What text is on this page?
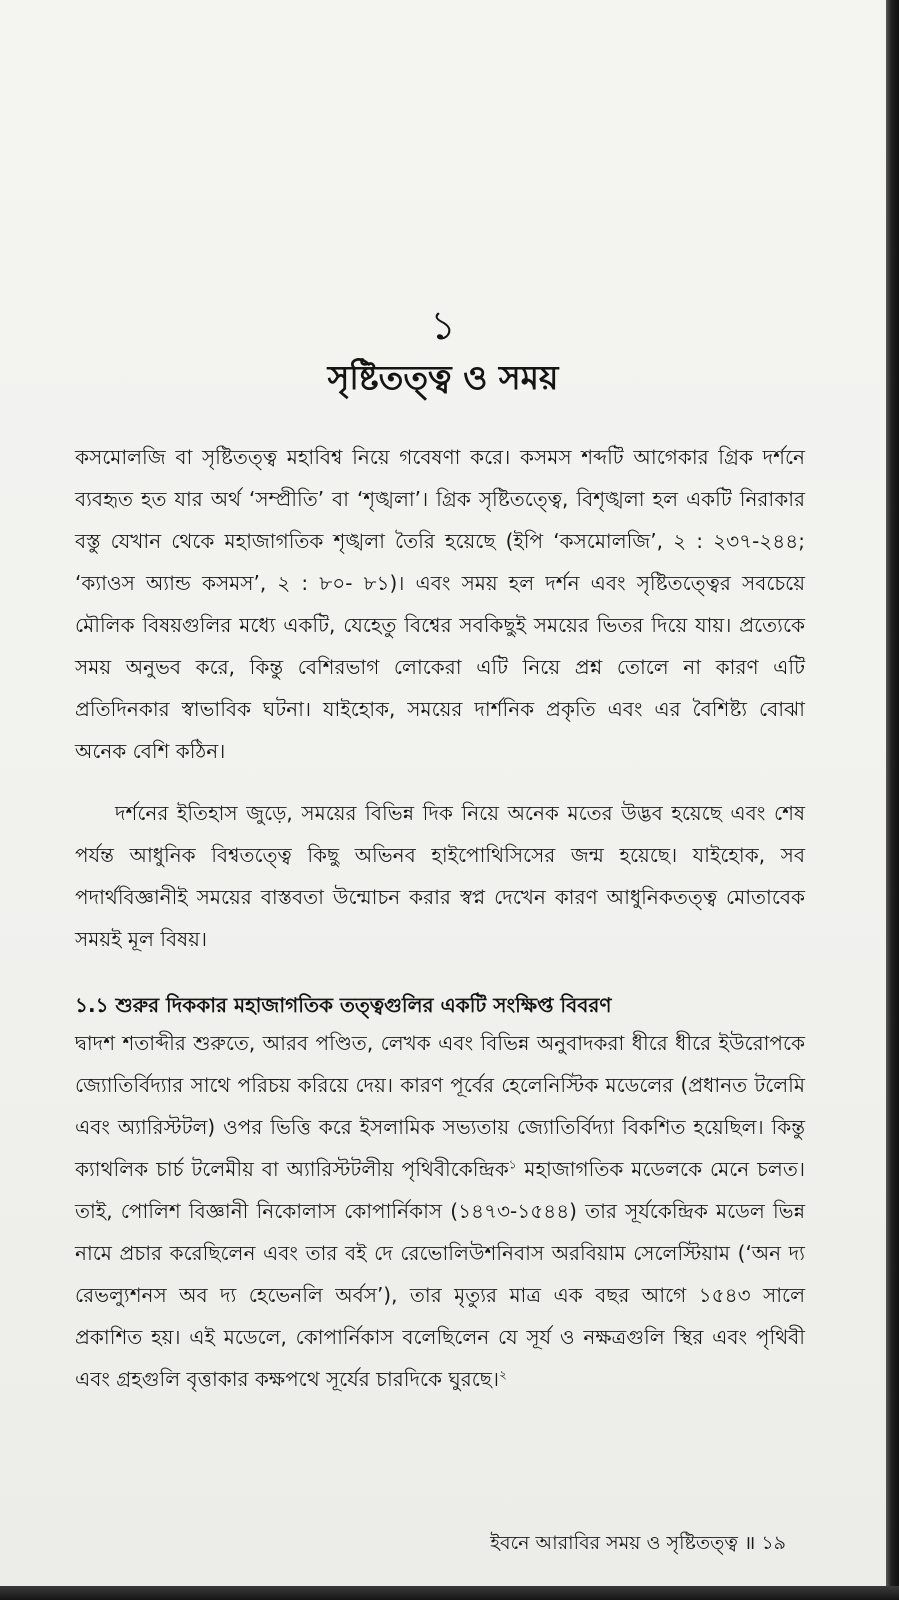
১
সৃষ্টিতত্ত্ব ও সময়

কসমোলজি বা সৃষ্টিতত্ত্ব মহাবিশ্ব নিয়ে গবেষণা করে। কসমস শব্দটি আগেকার গ্রিক দর্শনে ব্যবহৃত হত যার অর্থ ‘সম্প্রীতি’ বা ‘শৃঙ্খলা’। গ্রিক সৃষ্টিতত্ত্বে, বিশৃঙ্খলা হল একটি নিরাকার বস্তু যেখান থেকে মহাজাগতিক শৃঙ্খলা তৈরি হয়েছে (ইপি ‘কসমোলজি’, ২ : ২৩৭-২৪৪; ‘ক্যাওস অ্যান্ড কসমস’, ২ : ৮০- ৮১)। এবং সময় হল দর্শন এবং সৃষ্টিতত্ত্বের সবচেয়ে মৌলিক বিষয়গুলির মধ্যে একটি, যেহেতু বিশ্বের সবকিছুই সময়ের ভিতর দিয়ে যায়। প্রত্যেকে সময় অনুভব করে, কিন্তু বেশিরভাগ লোকেরা এটি নিয়ে প্রশ্ন তোলে না কারণ এটি প্রতিদিনকার স্বাভাবিক ঘটনা। যাইহোক, সময়ের দার্শনিক প্রকৃতি এবং এর বৈশিষ্ট্য বোঝা অনেক বেশি কঠিন।

দর্শনের ইতিহাস জুড়ে, সময়ের বিভিন্ন দিক নিয়ে অনেক মতের উদ্ভব হয়েছে এবং শেষ পর্যন্ত আধুনিক বিশ্বতত্ত্বে কিছু অভিনব হাইপোথিসিসের জন্ম হয়েছে। যাইহোক, সব পদার্থবিজ্ঞানীই সময়ের বাস্তবতা উন্মোচন করার স্বপ্ন দেখেন কারণ আধুনিকতত্ত্ব মোতাবেক সময়ই মূল বিষয়।

১.১ শুরুর দিককার মহাজাগতিক তত্ত্বগুলির একটি সংক্ষিপ্ত বিবরণ

দ্বাদশ শতাব্দীর শুরুতে, আরব পণ্ডিত, লেখক এবং বিভিন্ন অনুবাদকরা ধীরে ধীরে ইউরোপকে জ্যোতির্বিদ্যার সাথে পরিচয় করিয়ে দেয়। কারণ পূর্বের হেলেনিস্টিক মডেলের (প্রধানত টলেমি এবং অ্যারিস্টটল) ওপর ভিত্তি করে ইসলামিক সভ্যতায় জ্যোতির্বিদ্যা বিকশিত হয়েছিল। কিন্তু ক্যাথলিক চার্চ টলেমীয় বা অ্যারিস্টটলীয় পৃথিবীকেন্দ্রিক$^১$ মহাজাগতিক মডেলকে মেনে চলত। তাই, পোলিশ বিজ্ঞানী নিকোলাস কোপার্নিকাস (১৪৭৩-১৫৪৪) তার সূর্যকেন্দ্রিক মডেল ভিন্ন নামে প্রচার করেছিলেন এবং তার বই দে রেভোলিউশনিবাস অরবিয়াম সেলেস্টিয়াম (‘অন দ্য রেভল্যুশনস অব দ্য হেভেনলি অর্বস’), তার মৃত্যুর মাত্র এক বছর আগে ১৫৪৩ সালে প্রকাশিত হয়। এই মডেলে, কোপার্নিকাস বলেছিলেন যে সূর্য ও নক্ষত্রগুলি স্থির এবং পৃথিবী এবং গ্রহগুলি বৃত্তাকার কক্ষপথে সূর্যের চারদিকে ঘুরছে।$^২$

ইবনে আরাবির সময় ও সৃষ্টিতত্ত্ব ॥ ১৯
